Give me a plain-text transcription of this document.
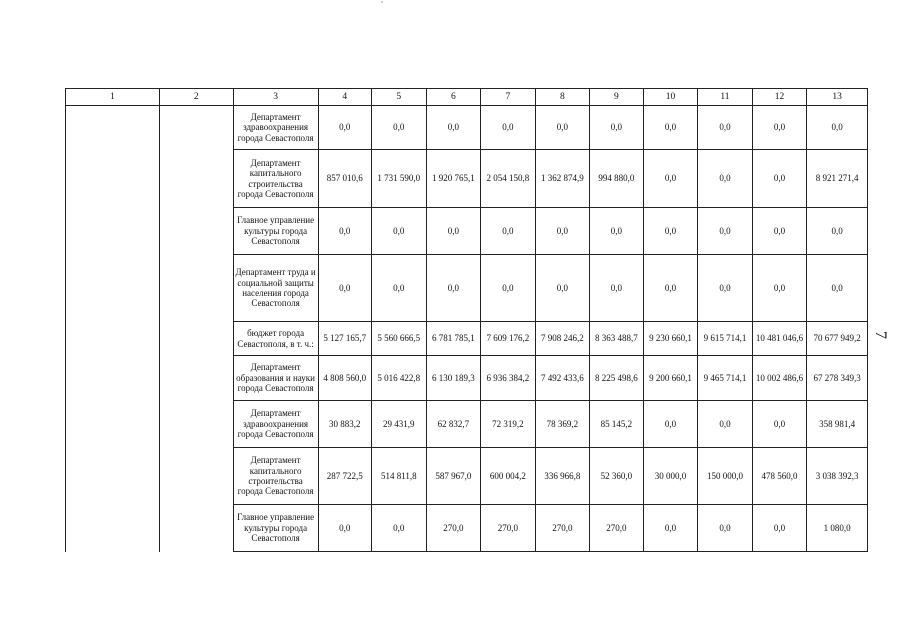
1	2	3	4	5	6	7	8	9	10	11	12	13
		Департамент здравоохранения города Севастополя	0,0	0,0	0,0	0,0	0,0	0,0	0,0	0,0	0,0	0,0
		Департамент капитального строительства города Севастополя	857 010,6	1 731 590,0	1 920 765,1	2 054 150,8	1 362 874,9	994 880,0	0,0	0,0	0,0	8 921 271,4
		Главное управление культуры города Севастополя	0,0	0,0	0,0	0,0	0,0	0,0	0,0	0,0	0,0	0,0
		Департамент труда и социальной защиты населения города Севастополя	0,0	0,0	0,0	0,0	0,0	0,0	0,0	0,0	0,0	0,0
		бюджет города Севастополя, в т. ч.:	5 127 165,7	5 560 666,5	6 781 785,1	7 609 176,2	7 908 246,2	8 363 488,7	9 230 660,1	9 615 714,1	10 481 046,6	70 677 949,2
		Департамент образования и науки города Севастополя	4 808 560,0	5 016 422,8	6 130 189,3	6 936 384,2	7 492 433,6	8 225 498,6	9 200 660,1	9 465 714,1	10 002 486,6	67 278 349,3
		Департамент здравоохранения города Севастополя	30 883,2	29 431,9	62 832,7	72 319,2	78 369,2	85 145,2	0,0	0,0	0,0	358 981,4
		Департамент капитального строительства города Севастополя	287 722,5	514 811,8	587 967,0	600 004,2	336 966,8	52 360,0	30 000,0	150 000,0	478 560,0	3 038 392,3
		Главное управление культуры города Севастополя	0,0	0,0	270,0	270,0	270,0	270,0	0,0	0,0	0,0	1 080,0
7
